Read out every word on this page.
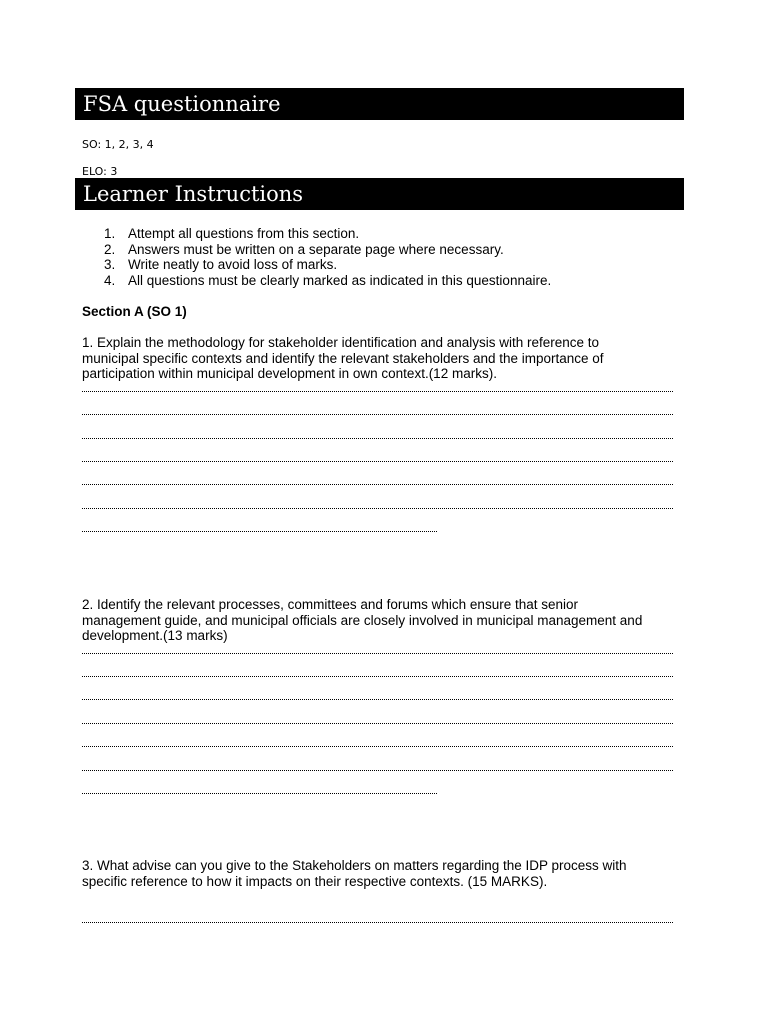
FSA questionnaire
SO: 1, 2, 3, 4
ELO: 3
Learner Instructions
1. Attempt all questions from this section.
2. Answers must be written on a separate page where necessary.
3. Write neatly to avoid loss of marks.
4. All questions must be clearly marked as indicated in this questionnaire.
Section A (SO 1)
1. Explain the methodology for stakeholder identification and analysis with reference to
municipal specific contexts and identify the relevant stakeholders and the importance of
participation within municipal development in own context.(12 marks).
2. Identify the relevant processes, committees and forums which ensure that senior
management guide, and municipal officials are closely involved in municipal management and
development.(13 marks)
3. What advise can you give to the Stakeholders on matters regarding the IDP process with
specific reference to how it impacts on their respective contexts. (15 MARKS).
